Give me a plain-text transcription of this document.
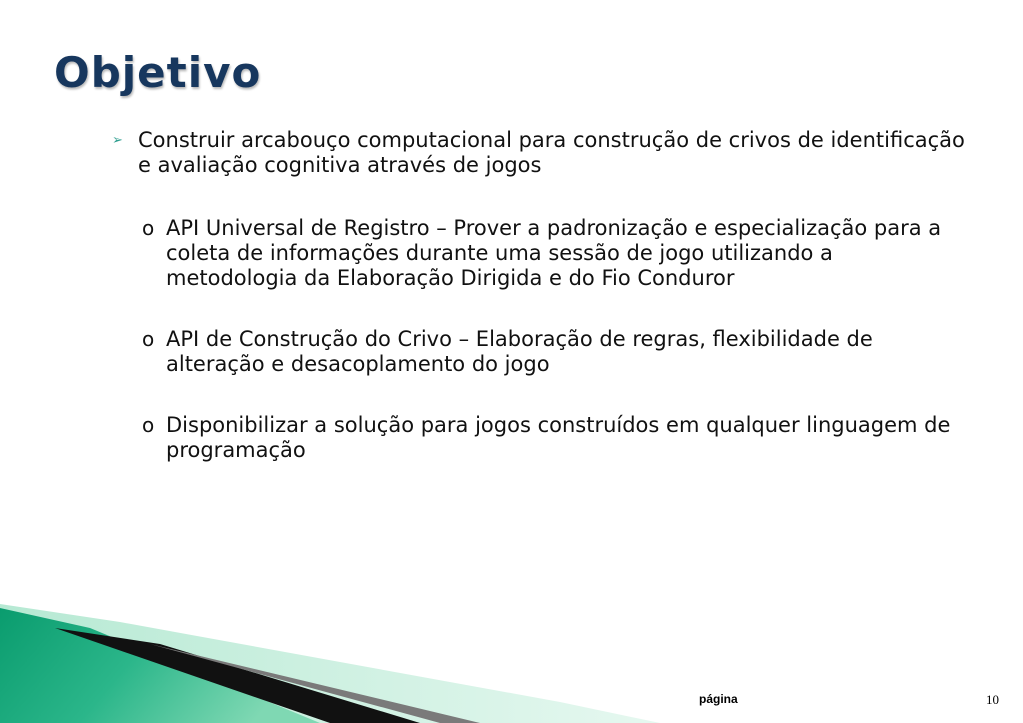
Objetivo
➢ Construir arcabouço computacional para construção de crivos de identificação e avaliação cognitiva através de jogos
o API Universal de Registro – Prover a padronização e especialização para a coleta de informações durante uma sessão de jogo utilizando a metodologia da Elaboração Dirigida e do Fio Conduror
o API de Construção do Crivo – Elaboração de regras, flexibilidade de alteração e desacoplamento do jogo
o Disponibilizar a solução para jogos construídos em qualquer linguagem de programação
página	10
